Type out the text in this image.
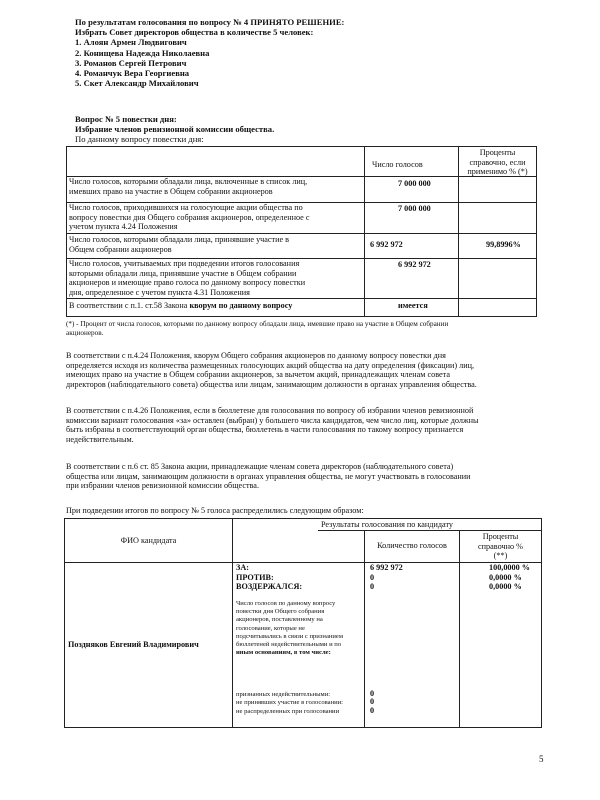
По результатам голосования по вопросу № 4 ПРИНЯТО РЕШЕНИЕ:
Избрать Совет директоров общества в количестве 5 человек:
1. Алоян Армен Людвигович
2. Конищева Надежда Николаевна
3. Романов Сергей Петрович
4. Романчук Вера Георгиевна
5. Скет Александр Михайлович
Вопрос № 5 повестки дня:
Избрание членов ревизионной комиссии общества.
По данному вопросу повестки дня:
Число голосов
Проценты
справочно, если
применимо % (*)
Число голосов, которыми обладали лица, включенные в список лиц,
имевших право на участие в Общем собрании акционеров
7 000 000
Число голосов, приходившихся на голосующие акции общества по
вопросу повестки дня Общего собрания акционеров, определенное с
учетом пункта 4.24 Положения
7 000 000
Число голосов, которыми обладали лица, принявшие участие в
Общем собрании акционеров
6 992 972	99,8996%
Число голосов, учитываемых при подведении итогов голосования
которыми обладали лица, принявшие участие в Общем собрании
акционеров и имеющие право голоса по данному вопросу повестки
дня, определенное с учетом пункта 4.31 Положения
6 992 972
В соответствии с п.1. ст.58 Закона кворум по данному вопросу	имеется
(*) - Процент от числа голосов, которыми по данному вопросу обладали лица, имевшие право на участие в Общем собрании
акционеров.
В соответствии с п.4.24 Положения, кворум Общего собрания акционеров по данному вопросу повестки дня
определяется исходя из количества размещенных голосующих акций общества на дату определения (фиксации) лиц,
имеющих право на участие в Общем собрании акционеров, за вычетом акций, принадлежащих членам совета
директоров (наблюдательного совета) общества или лицам, занимающим должности в органах управления общества.
В соответствии с п.4.26 Положения, если в бюллетене для голосования по вопросу об избрании членов ревизионной
комиссии вариант голосования «за» оставлен (выбран) у большего числа кандидатов, чем число лиц, которые должны
быть избраны в соответствующий орган общества, бюллетень в части голосования по такому вопросу признается
недействительным.
В соответствии с п.6 ст. 85 Закона акции, принадлежащие членам совета директоров (наблюдательного совета)
общества или лицам, занимающим должности в органах управления общества, не могут участвовать в голосовании
при избрании членов ревизионной комиссии общества.
При подведении итогов по вопросу № 5 голоса распределились следующим образом:
ФИО кандидата
Результаты голосования по кандидату
Количество голосов
Проценты
справочно %
(**)
Поздняков Евгений Владимирович
ЗА:
ПРОТИВ:
ВОЗДЕРЖАЛСЯ:
6 992 972
0
0
100,0000 %
0,0000 %
0,0000 %
Число голосов по данному вопросу
повестки дня Общего собрания
акционеров, поставленному на
голосование, которые не
подсчитывались в связи с признанием
бюллетеней недействительными и по
иным основаниям, в том числе:
признанных недействительными:
не принявших участие в голосовании:
не распределенных при голосовании
0
0
0
5
